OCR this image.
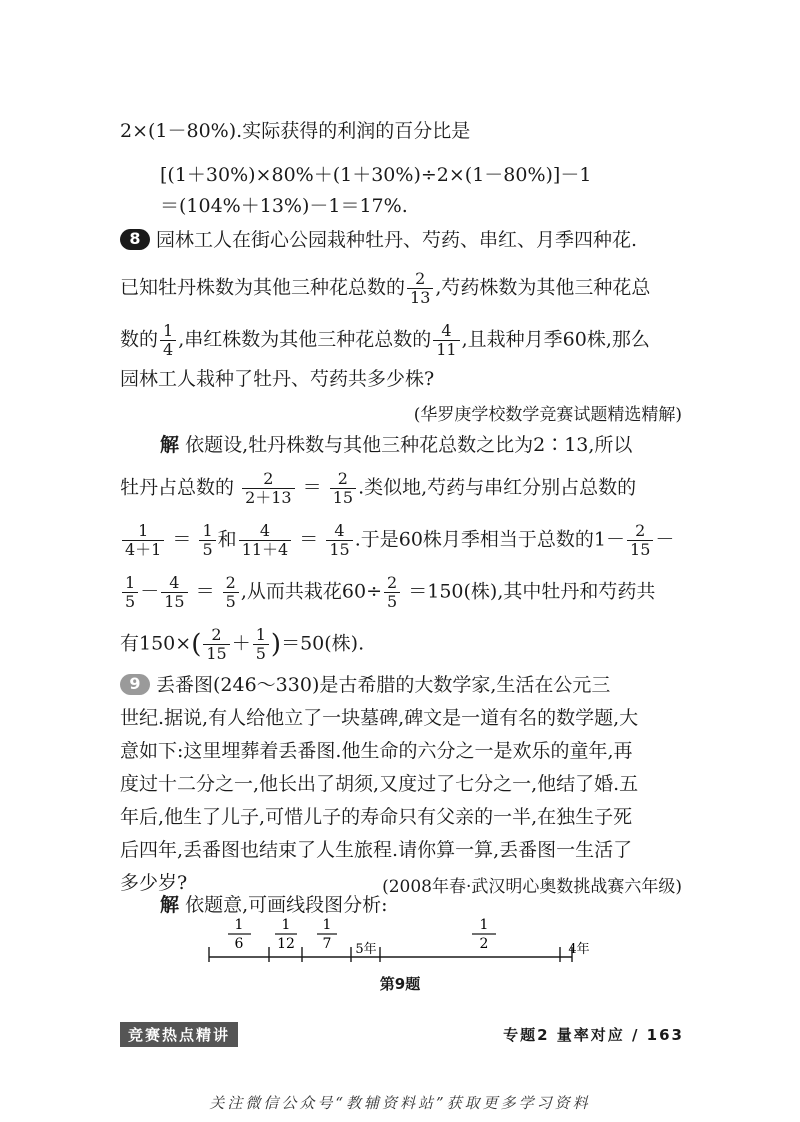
2×(1－80%).实际获得的利润的百分比是
[(1＋30%)×80%＋(1＋30%)÷2×(1－80%)]－1
＝(104%＋13%)－1＝17%.
8 园林工人在街心公园栽种牡丹、芍药、串红、月季四种花.
已知牡丹株数为其他三种花总数的 $\frac{2}{13}$ ,芍药株数为其他三种花总
数的 $\frac{1}{4}$ ,串红株数为其他三种花总数的 $\frac{4}{11}$ ,且栽种月季60株,那么
园林工人栽种了牡丹、芍药共多少株?
(华罗庚学校数学竞赛试题精选精解)
解 依题设,牡丹株数与其他三种花总数之比为2∶13,所以
牡丹占总数的 $\frac{2}{2+13} = \frac{2}{15}$ .类似地,芍药与串红分别占总数的
$\frac{1}{4+1} = \frac{1}{5}$ 和 $\frac{4}{11+4} = \frac{4}{15}$ .于是60株月季相当于总数的$1- \frac{2}{15}$ －
$\frac{1}{5} - \frac{4}{15} = \frac{2}{5}$ ,从而共栽花$60\div \frac{2}{5} =150$(株),其中牡丹和芍药共
有$150\times( \frac{2}{15} + \frac{1}{5} )=50$(株).
9 丢番图(246～330)是古希腊的大数学家,生活在公元三
世纪.据说,有人给他立了一块墓碑,碑文是一道有名的数学题,大
意如下:这里埋葬着丢番图.他生命的六分之一是欢乐的童年,再
度过十二分之一,他长出了胡须,又度过了七分之一,他结了婚.五
年后,他生了儿子,可惜儿子的寿命只有父亲的一半,在独生子死
后四年,丢番图也结束了人生旅程.请你算一算,丢番图一生活了
多少岁?	(2008年春·武汉明心奥数挑战赛六年级)
解 依题意,可画线段图分析:
1
6
1
12
1
7 5年
1
2	4年
第9题
竞赛热点精讲	专题2 量率对应 / 163
关注微信公众号“教辅资料站”获取更多学习资料
